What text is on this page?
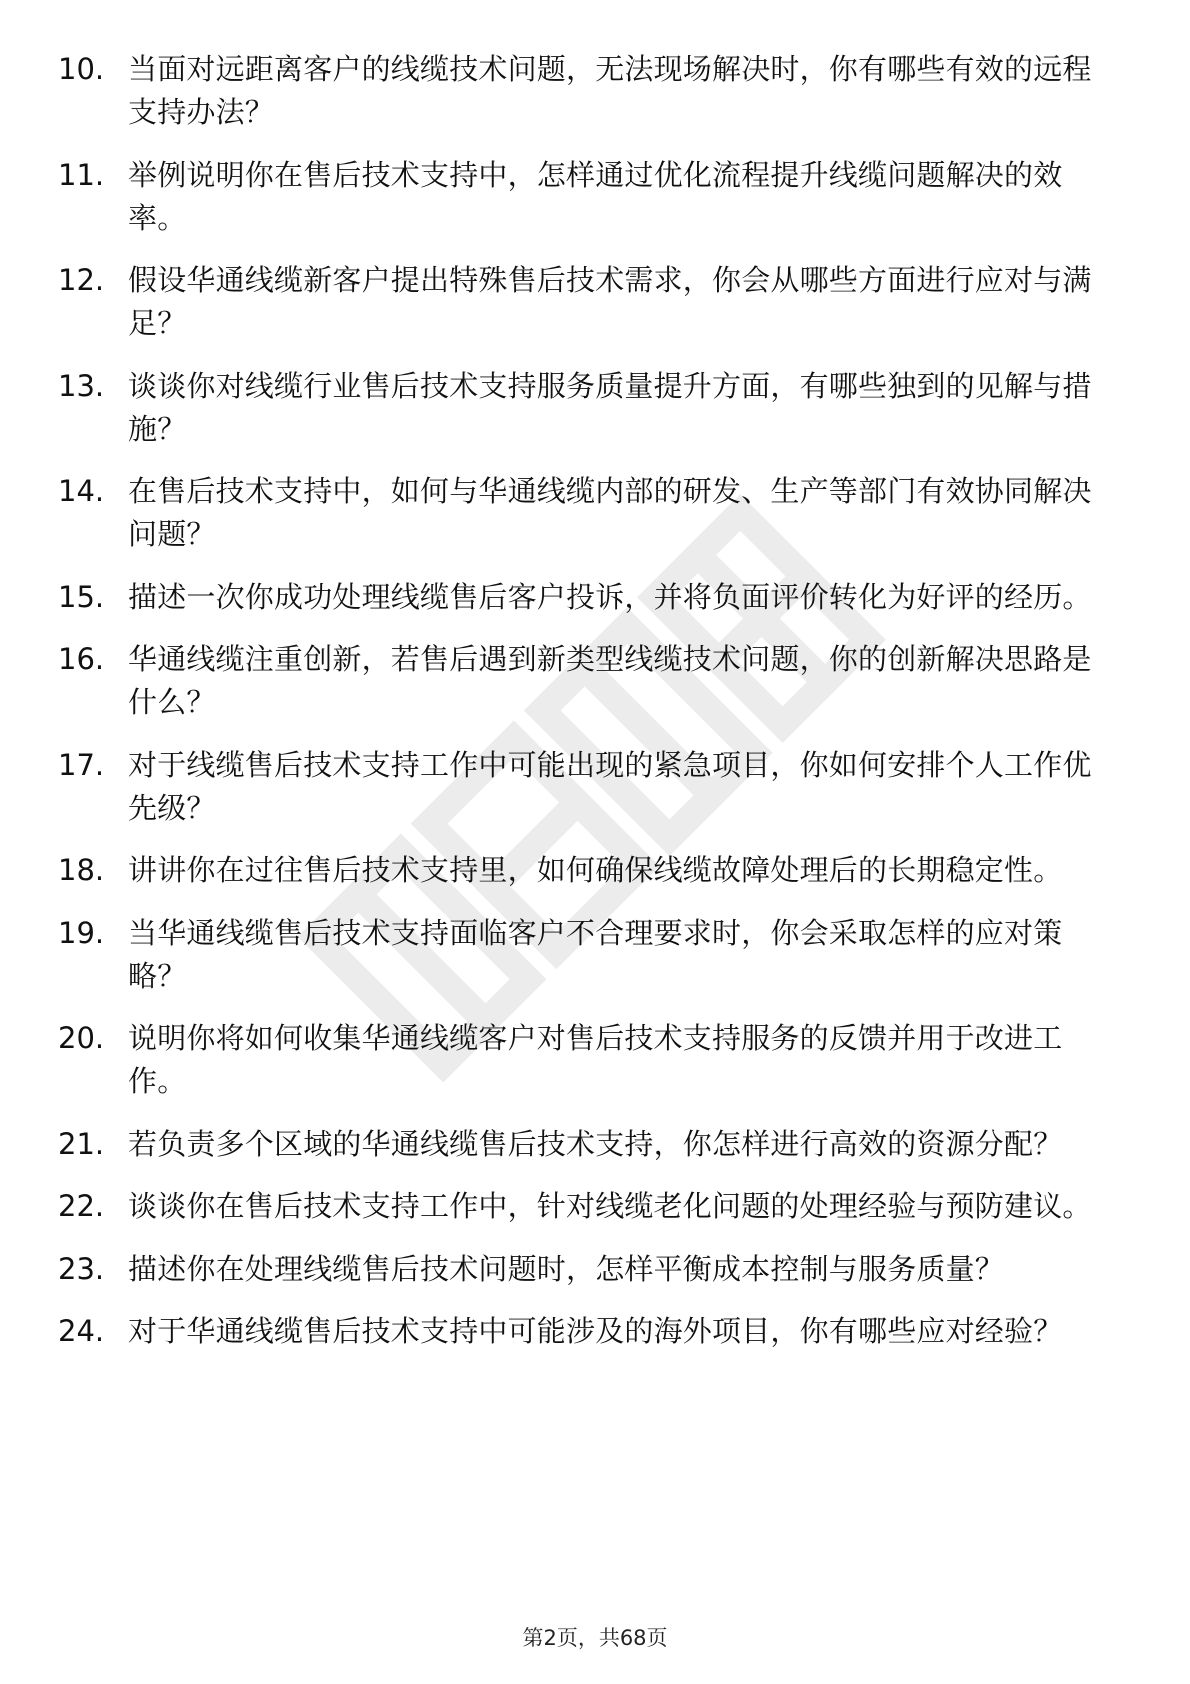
10. 当面对远距离客户的线缆技术问题，无法现场解决时，你有哪些有效的远程支持办法？
11. 举例说明你在售后技术支持中，怎样通过优化流程提升线缆问题解决的效率。
12. 假设华通线缆新客户提出特殊售后技术需求，你会从哪些方面进行应对与满足？
13. 谈谈你对线缆行业售后技术支持服务质量提升方面，有哪些独到的见解与措施？
14. 在售后技术支持中，如何与华通线缆内部的研发、生产等部门有效协同解决问题？
15. 描述一次你成功处理线缆售后客户投诉，并将负面评价转化为好评的经历。
16. 华通线缆注重创新，若售后遇到新类型线缆技术问题，你的创新解决思路是什么？
17. 对于线缆售后技术支持工作中可能出现的紧急项目，你如何安排个人工作优先级？
18. 讲讲你在过往售后技术支持里，如何确保线缆故障处理后的长期稳定性。
19. 当华通线缆售后技术支持面临客户不合理要求时，你会采取怎样的应对策略？
20. 说明你将如何收集华通线缆客户对售后技术支持服务的反馈并用于改进工作。
21. 若负责多个区域的华通线缆售后技术支持，你怎样进行高效的资源分配？
22. 谈谈你在售后技术支持工作中，针对线缆老化问题的处理经验与预防建议。
23. 描述你在处理线缆售后技术问题时，怎样平衡成本控制与服务质量？
24. 对于华通线缆售后技术支持中可能涉及的海外项目，你有哪些应对经验？
第2页，共68页
